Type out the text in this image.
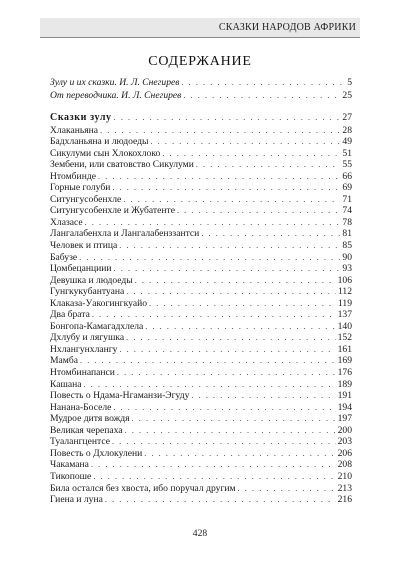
СКАЗКИ НАРОДОВ АФРИКИ
СОДЕРЖАНИЕ
Зулу и их сказки. И. Л. Снегирев . . .	5
От переводчика. И. Л. Снегирев . . .	25
Сказки зулу . . .	27
Хлаканьяна . . .	28
Бадхланьяна и людоеды . . .	49
Сикулуми сын Хлокохлоко . . .	51
Зембени, или сватовство Сикулуми . . .	55
Нтомбинде . . .	66
Горные голуби . . .	69
Ситунгусобенхле . . .	71
Ситунгусобенхле и Жубатенте . . .	74
Хлазасе . . .	78
Лангалабенхла и Лангалабенззантси . . .	81
Человек и птица . . .	85
Бабузе . . .	90
Цомбецанциии . . .	93
Девушка и людоеды . . .	106
Гунгкукубантуана . . .	112
Клаказа-Уакогингкуайо . . .	119
Два брата . . .	137
Бонгопа-Камагадхлела . . .	140
Дхлубу и лягушка . . .	152
Нхлангунхлангу . . .	161
Мамба . . .	169
Нтомбинапанси . . .	176
Кашана . . .	189
Повесть о Ндама-Нгаманзи-Эгуду . . .	191
Нанана-Боселе . . .	194
Мудрое дитя вождя . . .	197
Великая черепаха . . .	200
Туалангцентсе . . .	203
Повесть о Дхлокулени . . .	206
Чакамана . . .	208
Тикопоше . . .	210
Била остался без хвоста, ибо поручал другим . . .	213
Гиена и луна . . .	216
428
